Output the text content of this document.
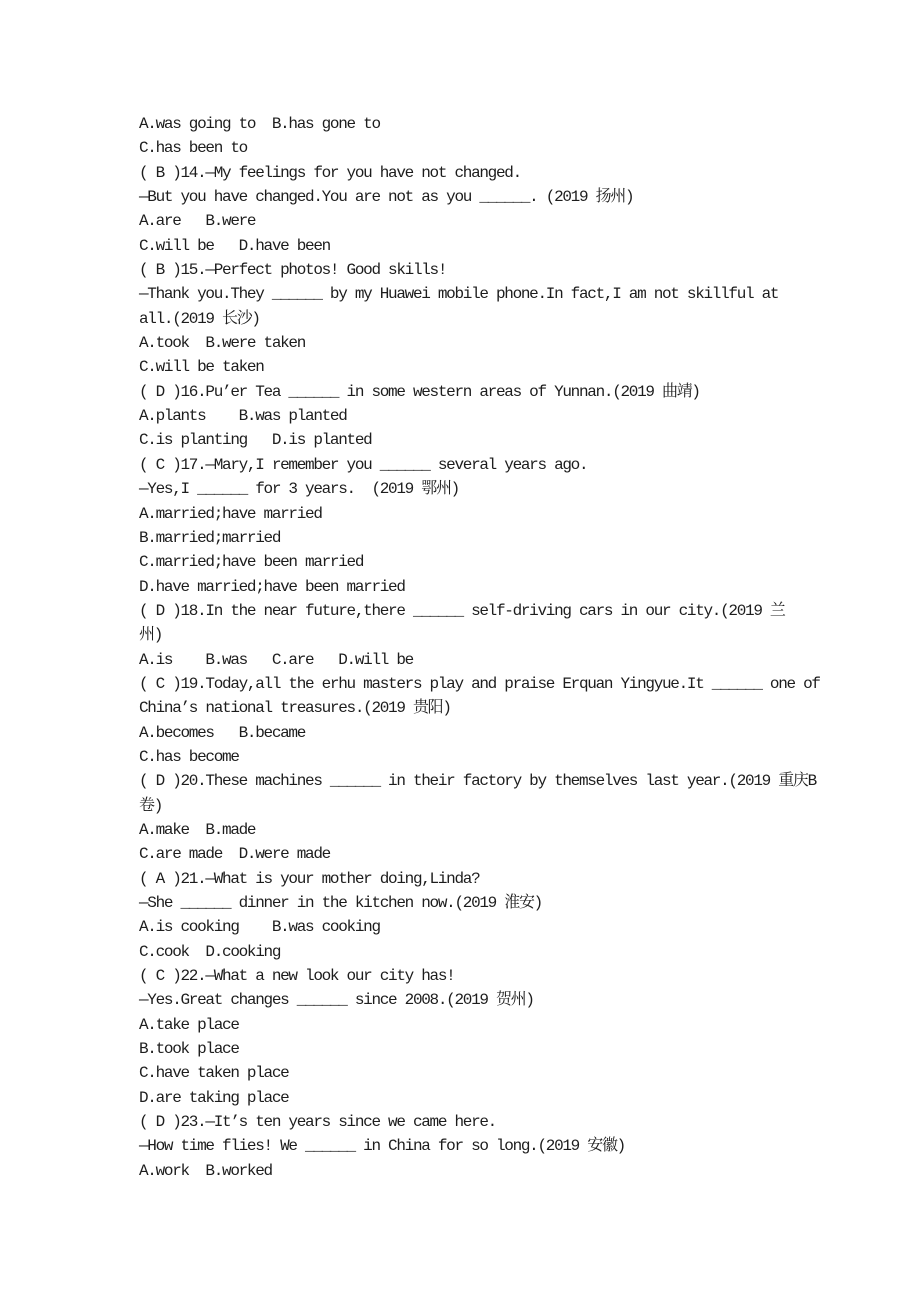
A.was going to  B.has gone to
C.has been to
( B )14.—My feelings for you have not changed.
—But you have changed.You are not as you ______. (2019 扬州)
A.are   B.were
C.will be   D.have been
( B )15.—Perfect photos! Good skills!
—Thank you.They ______ by my Huawei mobile phone.In fact,I am not skillful at
all.(2019 长沙)
A.took  B.were taken
C.will be taken
( D )16.Pu’er Tea ______ in some western areas of Yunnan.(2019 曲靖)
A.plants    B.was planted
C.is planting   D.is planted
( C )17.—Mary,I remember you ______ several years ago.
—Yes,I ______ for 3 years.  (2019 鄂州)
A.married;have married
B.married;married
C.married;have been married
D.have married;have been married
( D )18.In the near future,there ______ self-driving cars in our city.(2019 兰
州)
A.is    B.was   C.are   D.will be
( C )19.Today,all the erhu masters play and praise Erquan Yingyue.It ______ one of
China’s national treasures.(2019 贵阳)
A.becomes   B.became
C.has become
( D )20.These machines ______ in their factory by themselves last year.(2019 重庆B
卷)
A.make  B.made
C.are made  D.were made
( A )21.—What is your mother doing,Linda?
—She ______ dinner in the kitchen now.(2019 淮安)
A.is cooking    B.was cooking
C.cook  D.cooking
( C )22.—What a new look our city has!
—Yes.Great changes ______ since 2008.(2019 贺州)
A.take place
B.took place
C.have taken place
D.are taking place
( D )23.—It’s ten years since we came here.
—How time flies! We ______ in China for so long.(2019 安徽)
A.work  B.worked
